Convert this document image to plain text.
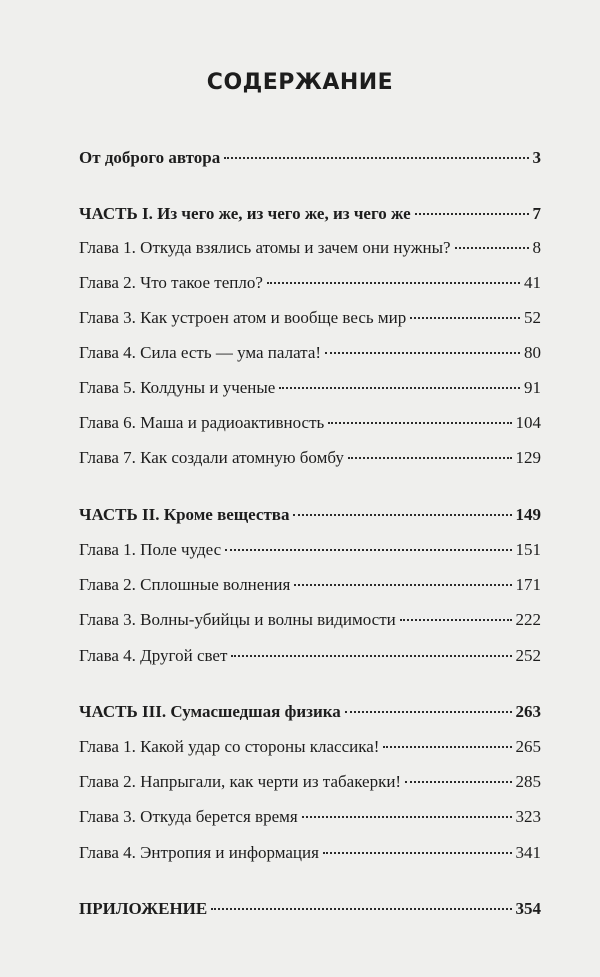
СОДЕРЖАНИЕ
От доброго автора	3
ЧАСТЬ I. Из чего же, из чего же, из чего же	7
Глава 1. Откуда взялись атомы и зачем они нужны?	8
Глава 2. Что такое тепло?	41
Глава 3. Как устроен атом и вообще весь мир	52
Глава 4. Сила есть — ума палата!	80
Глава 5. Колдуны и ученые	91
Глава 6. Маша и радиоактивность	104
Глава 7. Как создали атомную бомбу	129
ЧАСТЬ II. Кроме вещества	149
Глава 1. Поле чудес	151
Глава 2. Сплошные волнения	171
Глава 3. Волны-убийцы и волны видимости	222
Глава 4. Другой свет	252
ЧАСТЬ III. Сумасшедшая физика	263
Глава 1. Какой удар со стороны классика!	265
Глава 2. Напрыгали, как черти из табакерки!	285
Глава 3. Откуда берется время	323
Глава 4. Энтропия и информация	341
ПРИЛОЖЕНИЕ	354
